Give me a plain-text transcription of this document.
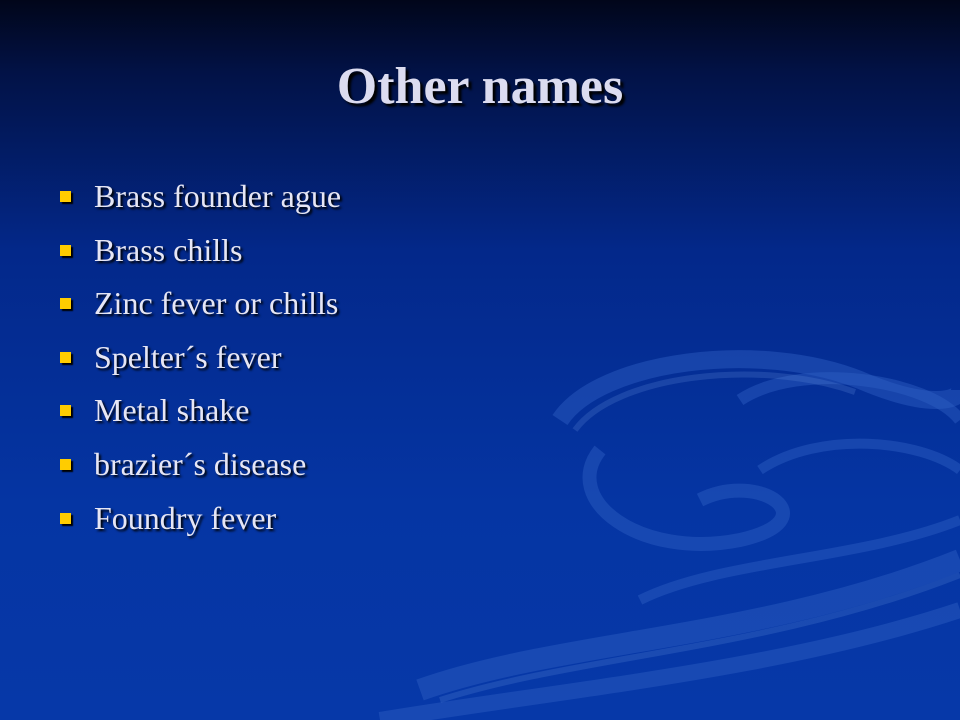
Other names
Brass founder ague
Brass chills
Zinc fever or chills
Spelter´s fever
Metal shake
brazier´s disease
Foundry fever
